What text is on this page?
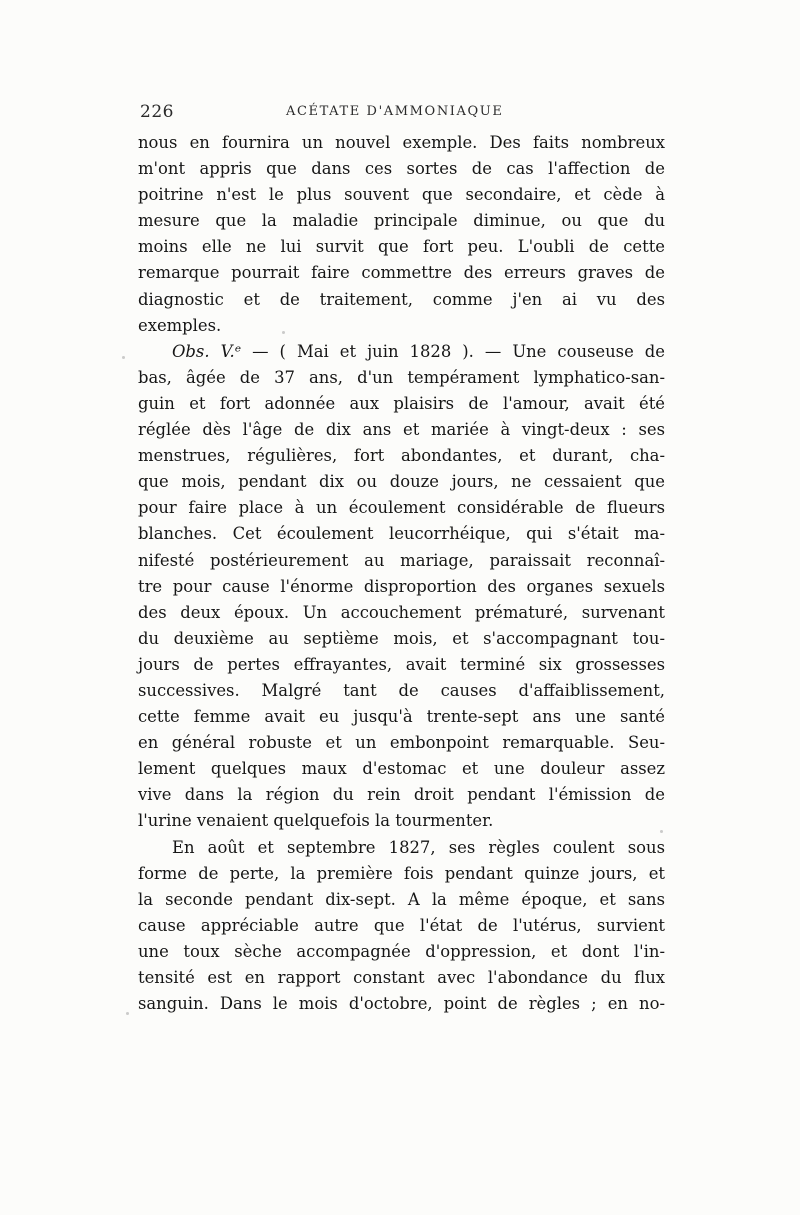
226	ACÉTATE D'AMMONIAQUE
nous en fournira un nouvel exemple. Des faits nombreux
m'ont appris que dans ces sortes de cas l'affection de
poitrine n'est le plus souvent que secondaire, et cède à
mesure que la maladie principale diminue, ou que du
moins elle ne lui survit que fort peu. L'oubli de cette
remarque pourrait faire commettre des erreurs graves de
diagnostic et de traitement, comme j'en ai vu des
exemples.
Obs. V.ᵉ — ( Mai et juin 1828 ). — Une couseuse de
bas, âgée de 37 ans, d'un tempérament lymphatico-san-
guin et fort adonnée aux plaisirs de l'amour, avait été
réglée dès l'âge de dix ans et mariée à vingt-deux : ses
menstrues, régulières, fort abondantes, et durant, cha-
que mois, pendant dix ou douze jours, ne cessaient que
pour faire place à un écoulement considérable de flueurs
blanches. Cet écoulement leucorrhéique, qui s'était ma-
nifesté postérieurement au mariage, paraissait reconnaî-
tre pour cause l'énorme disproportion des organes sexuels
des deux époux. Un accouchement prématuré, survenant
du deuxième au septième mois, et s'accompagnant tou-
jours de pertes effrayantes, avait terminé six grossesses
successives. Malgré tant de causes d'affaiblissement,
cette femme avait eu jusqu'à trente-sept ans une santé
en général robuste et un embonpoint remarquable. Seu-
lement quelques maux d'estomac et une douleur assez
vive dans la région du rein droit pendant l'émission de
l'urine venaient quelquefois la tourmenter.
En août et septembre 1827, ses règles coulent sous
forme de perte, la première fois pendant quinze jours, et
la seconde pendant dix-sept. A la même époque, et sans
cause appréciable autre que l'état de l'utérus, survient
une toux sèche accompagnée d'oppression, et dont l'in-
tensité est en rapport constant avec l'abondance du flux
sanguin. Dans le mois d'octobre, point de règles ; en no-
